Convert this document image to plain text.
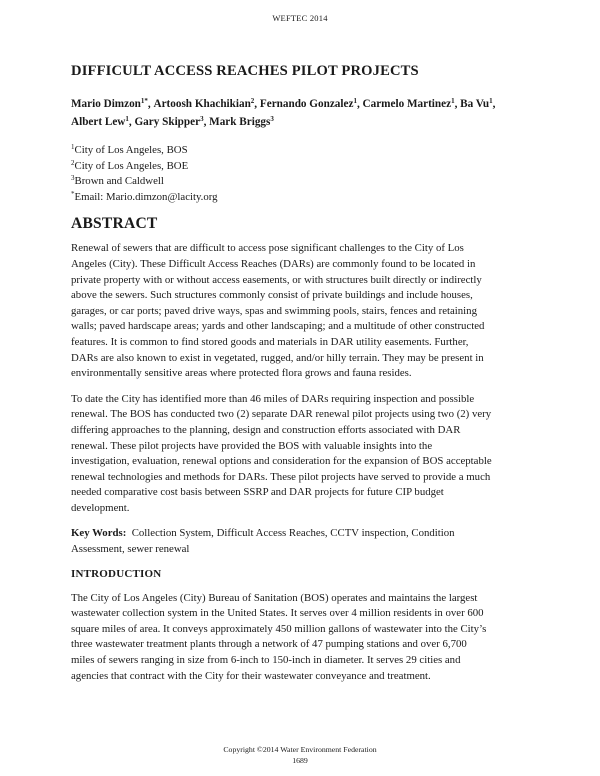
WEFTEC 2014
DIFFICULT ACCESS REACHES PILOT PROJECTS
Mario Dimzon$^{1*}$, Artoosh Khachikian$^2$, Fernando Gonzalez$^1$, Carmelo Martinez$^1$, Ba Vu$^1$,
Albert Lew$^1$, Gary Skipper$^3$, Mark Briggs$^3$
$^1$City of Los Angeles, BOS
$^2$City of Los Angeles, BOE
$^3$Brown and Caldwell
*Email: Mario.dimzon@lacity.org
ABSTRACT

Renewal of sewers that are difficult to access pose significant challenges to the City of Los

Angeles (City). These Difficult Access Reaches (DARs) are commonly found to be located in

private property with or without access easements, or with structures built directly or indirectly

above the sewers. Such structures commonly consist of private buildings and include houses,

garages, or car ports; paved drive ways, spas and swimming pools, stairs, fences and retaining

walls; paved hardscape areas; yards and other landscaping; and a multitude of other constructed

features. It is common to find stored goods and materials in DAR utility easements. Further,

DARs are also known to exist in vegetated, rugged, and/or hilly terrain. They may be present in

environmentally sensitive areas where protected flora grows and fauna resides.

To date the City has identified more than 46 miles of DARs requiring inspection and possible

renewal. The BOS has conducted two (2) separate DAR renewal pilot projects using two (2) very

differing approaches to the planning, design and construction efforts associated with DAR

renewal. These pilot projects have provided the BOS with valuable insights into the

investigation, evaluation, renewal options and consideration for the expansion of BOS acceptable

renewal technologies and methods for DARs. These pilot projects have served to provide a much

needed comparative cost basis between SSRP and DAR projects for future CIP budget

development.

Key Words:  Collection System, Difficult Access Reaches, CCTV inspection, Condition

Assessment, sewer renewal

INTRODUCTION

The City of Los Angeles (City) Bureau of Sanitation (BOS) operates and maintains the largest

wastewater collection system in the United States. It serves over 4 million residents in over 600

square miles of area. It conveys approximately 450 million gallons of wastewater into the City’s

three wastewater treatment plants through a network of 47 pumping stations and over 6,700

miles of sewers ranging in size from 6-inch to 150-inch in diameter. It serves 29 cities and

agencies that contract with the City for their wastewater conveyance and treatment.

Copyright ©2014 Water Environment Federation
1689
